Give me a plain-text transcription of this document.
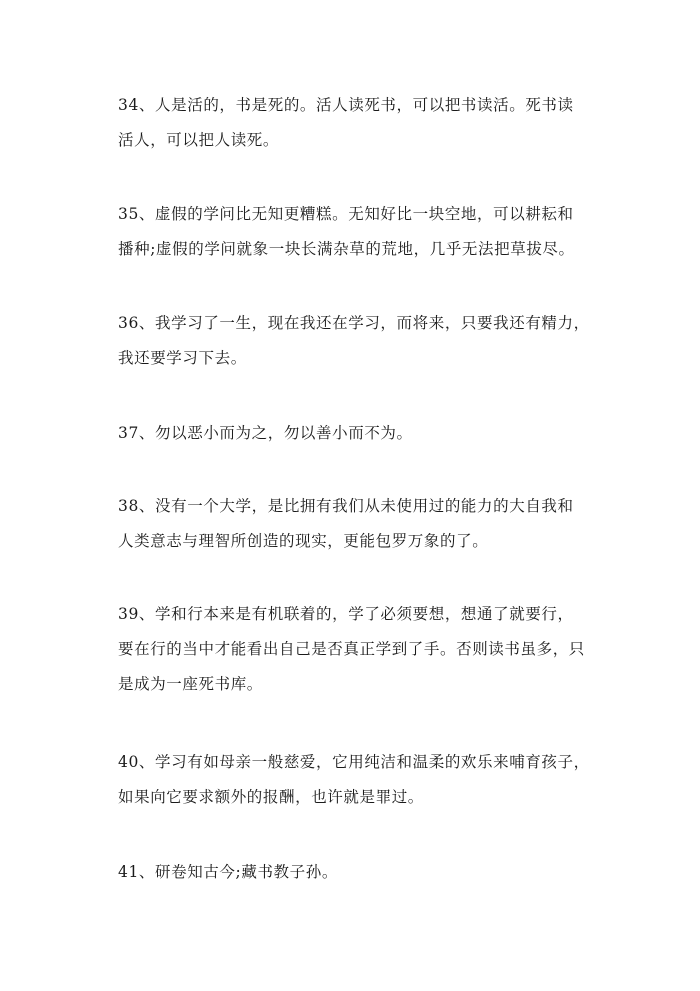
34、人是活的，书是死的。活人读死书，可以把书读活。死书读
活人，可以把人读死。

35、虚假的学问比无知更糟糕。无知好比一块空地，可以耕耘和
播种;虚假的学问就象一块长满杂草的荒地，几乎无法把草拔尽。

36、我学习了一生，现在我还在学习，而将来，只要我还有精力，
我还要学习下去。

37、勿以恶小而为之，勿以善小而不为。

38、没有一个大学，是比拥有我们从未使用过的能力的大自我和
人类意志与理智所创造的现实，更能包罗万象的了。

39、学和行本来是有机联着的，学了必须要想，想通了就要行，
要在行的当中才能看出自己是否真正学到了手。否则读书虽多，只
是成为一座死书库。

40、学习有如母亲一般慈爱，它用纯洁和温柔的欢乐来哺育孩子，
如果向它要求额外的报酬，也许就是罪过。

41、研卷知古今;藏书教子孙。
